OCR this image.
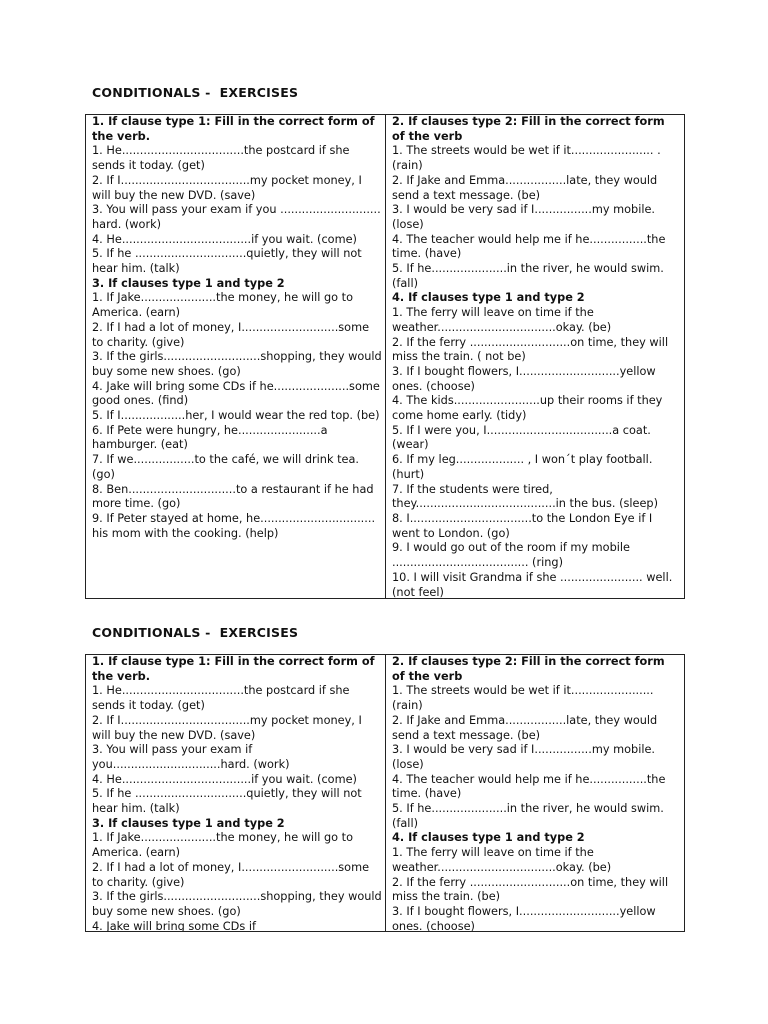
CONDITIONALS -  EXERCISES

1. If clause type 1: Fill in the correct form of the verb.

1. He..................................the postcard if she sends it today. (get)

2. If I....................................my pocket money, I will buy the new DVD. (save)

3. You will pass your exam if you ............................ hard. (work)

4. He....................................if you wait. (come)

5. If he ...............................quietly, they will not hear him. (talk)

3. If clauses type 1 and type 2

1. If Jake.....................the money, he will go to America. (earn)

2. If I had a lot of money, I...........................some to charity. (give)

3. If the girls...........................shopping, they would buy some new shoes. (go)

4. Jake will bring some CDs if he.....................some good ones. (find)

5. If I..................her, I would wear the red top. (be)

6. If Pete were hungry, he.......................a hamburger. (eat)

7. If we.................to the café, we will drink tea. (go)

8. Ben..............................to a restaurant if he had more time. (go)

9. If Peter stayed at home, he................................ his mom with the cooking. (help)

2. If clauses type 2: Fill in the correct form of the verb

1. The streets would be wet if it....................... . (rain)

2. If Jake and Emma.................late, they would send a text message. (be)

3. I would be very sad if I................my mobile. (lose)

4. The teacher would help me if he................the time. (have)

5. If he.....................in the river, he would swim. (fall)

4. If clauses type 1 and type 2

1. The ferry will leave on time if the weather.................................okay. (be)

2. If the ferry ............................on time, they will miss the train. ( not be)

3. If I bought flowers, I............................yellow ones. (choose)

4. The kids........................up their rooms if they come home early. (tidy)

5. If I were you, I...................................a coat. (wear)

6. If my leg................... , I won´t play football. (hurt)

7. If the students were tired, they.......................................in the bus. (sleep)

8. I..................................to the London Eye if I went to London. (go)

9. I would go out of the room if my mobile ...................................... (ring)

10. I will visit Grandma if she ....................... well. (not feel)

CONDITIONALS -  EXERCISES

1. If clause type 1: Fill in the correct form of the verb.

1. He..................................the postcard if she sends it today. (get)

2. If I....................................my pocket money, I will buy the new DVD. (save)

3. You will pass your exam if you..............................hard. (work)

4. He....................................if you wait. (come)

5. If he ...............................quietly, they will not hear him. (talk)

3. If clauses type 1 and type 2

1. If Jake.....................the money, he will go to America. (earn)

2. If I had a lot of money, I...........................some to charity. (give)

3. If the girls...........................shopping, they would buy some new shoes. (go)

4. Jake will bring some CDs if

2. If clauses type 2: Fill in the correct form of the verb

1. The streets would be wet if it....................... (rain)

2. If Jake and Emma.................late, they would send a text message. (be)

3. I would be very sad if I................my mobile. (lose)

4. The teacher would help me if he................the time. (have)

5. If he.....................in the river, he would swim. (fall)

4. If clauses type 1 and type 2

1. The ferry will leave on time if the weather.................................okay. (be)

2. If the ferry ............................on time, they will miss the train. (be)

3. If I bought flowers, I............................yellow ones. (choose)
